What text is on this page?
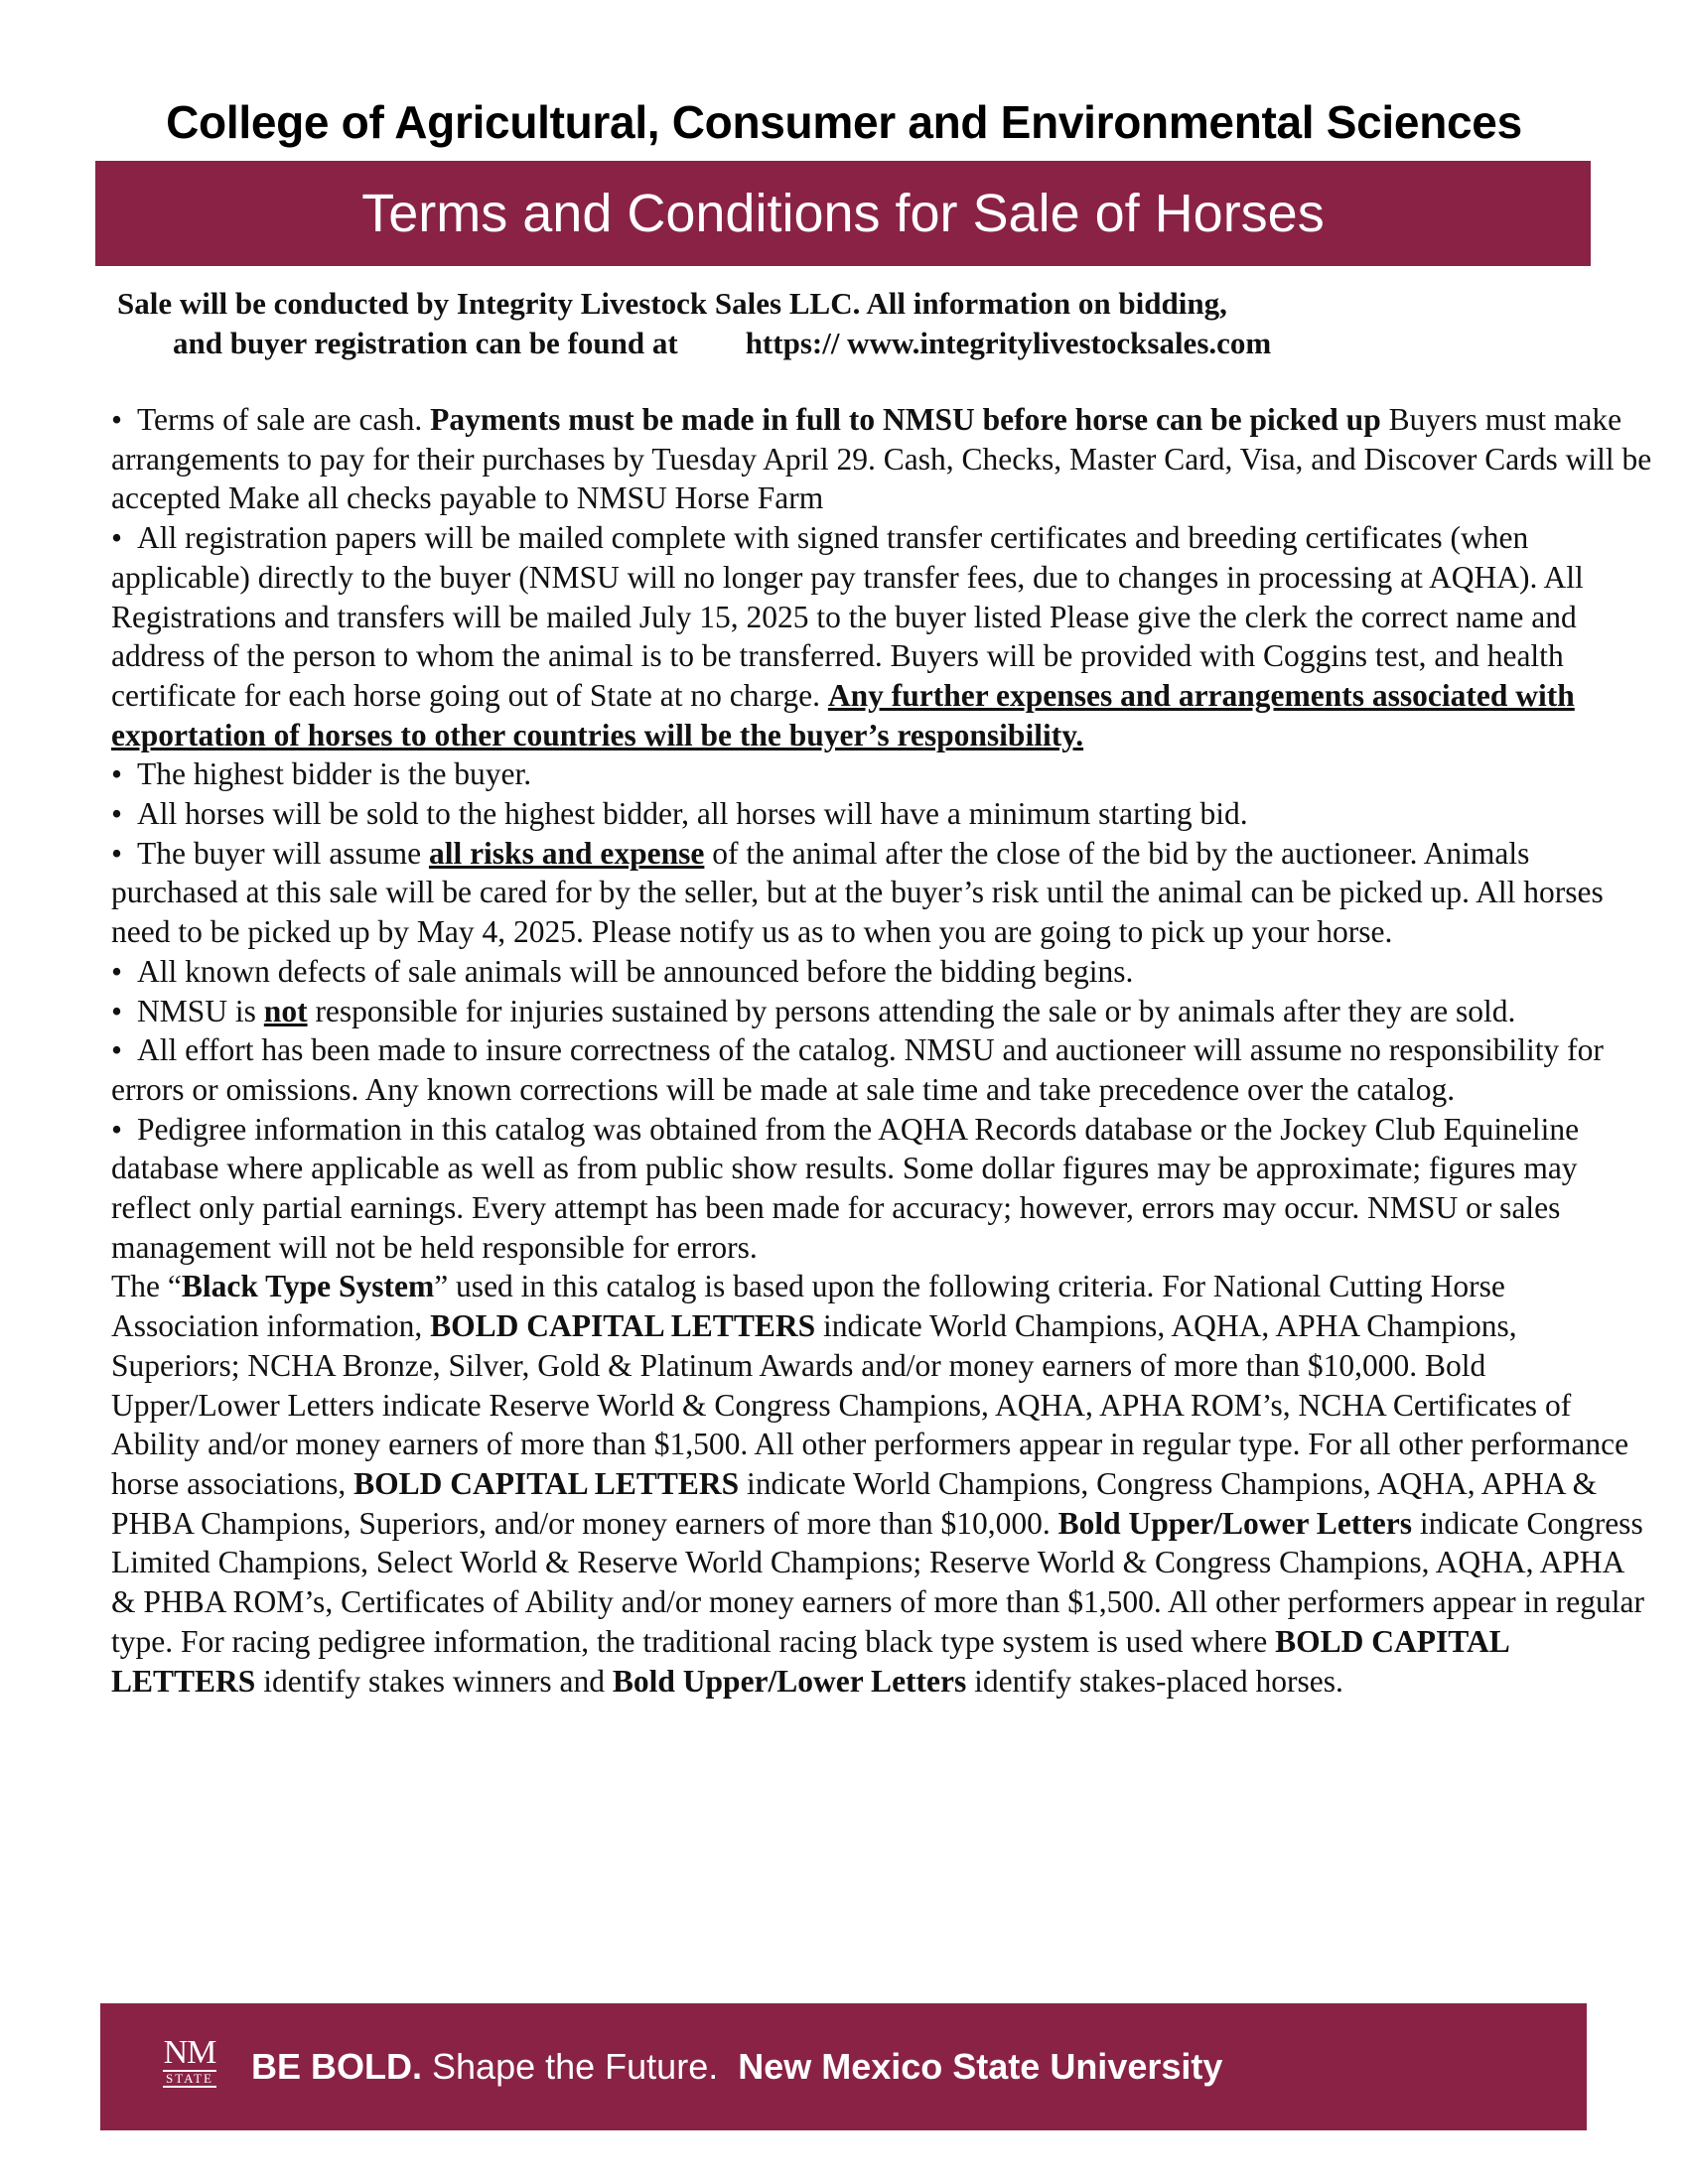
College of Agricultural, Consumer and Environmental Sciences
Terms and Conditions for Sale of Horses
Sale will be conducted by Integrity Livestock Sales LLC. All information on bidding,
and buyer registration can be found at https:// www.integritylivestocksales.com

• Terms of sale are cash. Payments must be made in full to NMSU before horse can be picked up Buyers must make arrangements to pay for their purchases by Tuesday April 29. Cash, Checks, Master Card, Visa, and Discover Cards will be accepted Make all checks payable to NMSU Horse Farm

• All registration papers will be mailed complete with signed transfer certificates and breeding certificates (when applicable) directly to the buyer (NMSU will no longer pay transfer fees, due to changes in processing at AQHA). All Registrations and transfers will be mailed July 15, 2025 to the buyer listed Please give the clerk the correct name and address of the person to whom the animal is to be transferred. Buyers will be provided with Coggins test, and health certificate for each horse going out of State at no charge. Any further expenses and arrangements associated with exportation of horses to other countries will be the buyer’s responsibility.

• The highest bidder is the buyer.

• All horses will be sold to the highest bidder, all horses will have a minimum starting bid.

• The buyer will assume all risks and expense of the animal after the close of the bid by the auctioneer. Animals purchased at this sale will be cared for by the seller, but at the buyer’s risk until the animal can be picked up. All horses need to be picked up by May 4, 2025. Please notify us as to when you are going to pick up your horse.

• All known defects of sale animals will be announced before the bidding begins.

• NMSU is not responsible for injuries sustained by persons attending the sale or by animals after they are sold.

• All effort has been made to insure correctness of the catalog. NMSU and auctioneer will assume no responsibility for errors or omissions. Any known corrections will be made at sale time and take precedence over the catalog.

• Pedigree information in this catalog was obtained from the AQHA Records database or the Jockey Club Equineline database where applicable as well as from public show results. Some dollar figures may be approximate; figures may reflect only partial earnings. Every attempt has been made for accuracy; however, errors may occur. NMSU or sales management will not be held responsible for errors.

The “Black Type System” used in this catalog is based upon the following criteria. For National Cutting Horse Association information, BOLD CAPITAL LETTERS indicate World Champions, AQHA, APHA Champions, Superiors; NCHA Bronze, Silver, Gold & Platinum Awards and/or money earners of more than $10,000. Bold Upper/Lower Letters indicate Reserve World & Congress Champions, AQHA, APHA ROM’s, NCHA Certificates of Ability and/or money earners of more than $1,500. All other performers appear in regular type. For all other performance horse associations, BOLD CAPITAL LETTERS indicate World Champions, Congress Champions, AQHA, APHA & PHBA Champions, Superiors, and/or money earners of more than $10,000. Bold Upper/Lower Letters indicate Congress Limited Champions, Select World & Reserve World Champions; Reserve World & Congress Champions, AQHA, APHA & PHBA ROM’s, Certificates of Ability and/or money earners of more than $1,500. All other performers appear in regular type. For racing pedigree information, the traditional racing black type system is used where BOLD CAPITAL LETTERS identify stakes winners and Bold Upper/Lower Letters identify stakes-placed horses.

NM
STATE BE BOLD. Shape the Future.  New Mexico State University
